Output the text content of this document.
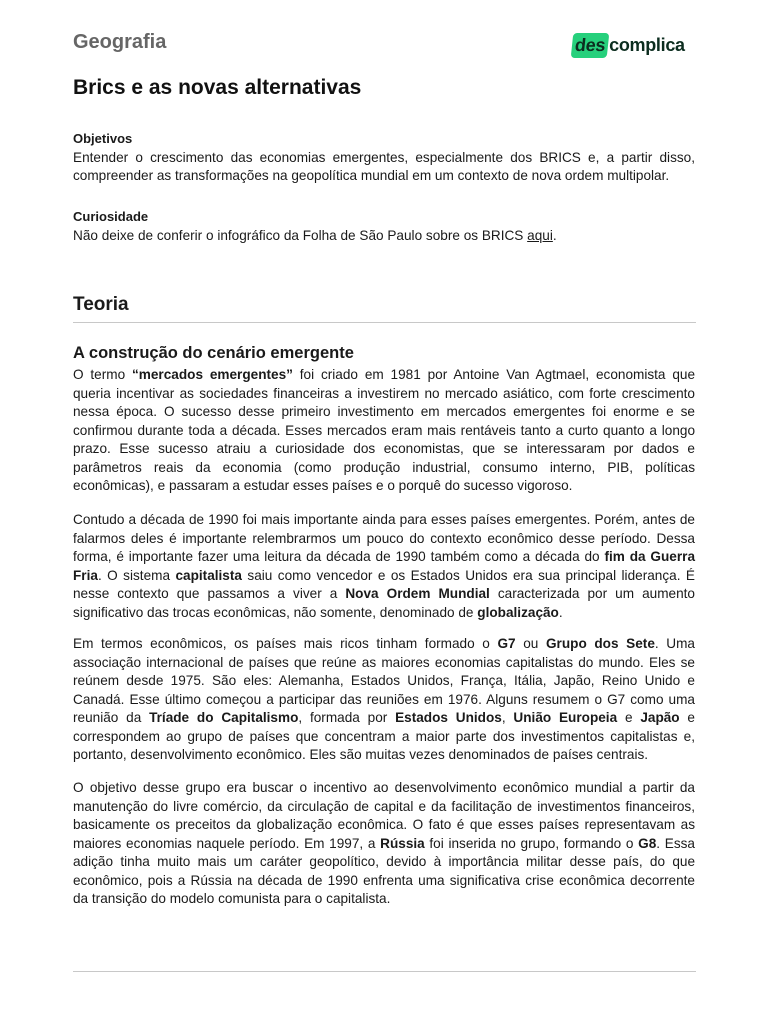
Geografia	des complica
Brics e as novas alternativas
Objetivos

Entender o crescimento das economias emergentes, especialmente dos BRICS e, a partir disso, compreender as transformações na geopolítica mundial em um contexto de nova ordem multipolar.

Curiosidade

Não deixe de conferir o infográfico da Folha de São Paulo sobre os BRICS aqui.

Teoria
A construção do cenário emergente

O termo “mercados emergentes” foi criado em 1981 por Antoine Van Agtmael, economista que queria incentivar as sociedades financeiras a investirem no mercado asiático, com forte crescimento nessa época. O sucesso desse primeiro investimento em mercados emergentes foi enorme e se confirmou durante toda a década. Esses mercados eram mais rentáveis tanto a curto quanto a longo prazo. Esse sucesso atraiu a curiosidade dos economistas, que se interessaram por dados e parâmetros reais da economia (como produção industrial, consumo interno, PIB, políticas econômicas), e passaram a estudar esses países e o porquê do sucesso vigoroso.

Contudo a década de 1990 foi mais importante ainda para esses países emergentes. Porém, antes de falarmos deles é importante relembrarmos um pouco do contexto econômico desse período. Dessa forma, é importante fazer uma leitura da década de 1990 também como a década do fim da Guerra Fria. O sistema capitalista saiu como vencedor e os Estados Unidos era sua principal liderança. É nesse contexto que passamos a viver a Nova Ordem Mundial caracterizada por um aumento significativo das trocas econômicas, não somente, denominado de globalização.

Em termos econômicos, os países mais ricos tinham formado o G7 ou Grupo dos Sete. Uma associação internacional de países que reúne as maiores economias capitalistas do mundo. Eles se reúnem desde 1975. São eles: Alemanha, Estados Unidos, França, Itália, Japão, Reino Unido e Canadá. Esse último começou a participar das reuniões em 1976. Alguns resumem o G7 como uma reunião da Tríade do Capitalismo, formada por Estados Unidos, União Europeia e Japão e correspondem ao grupo de países que concentram a maior parte dos investimentos capitalistas e, portanto, desenvolvimento econômico. Eles são muitas vezes denominados de países centrais.

O objetivo desse grupo era buscar o incentivo ao desenvolvimento econômico mundial a partir da manutenção do livre comércio, da circulação de capital e da facilitação de investimentos financeiros, basicamente os preceitos da globalização econômica. O fato é que esses países representavam as maiores economias naquele período. Em 1997, a Rússia foi inserida no grupo, formando o G8. Essa adição tinha muito mais um caráter geopolítico, devido à importância militar desse país, do que econômico, pois a Rússia na década de 1990 enfrenta uma significativa crise econômica decorrente da transição do modelo comunista para o capitalista.
